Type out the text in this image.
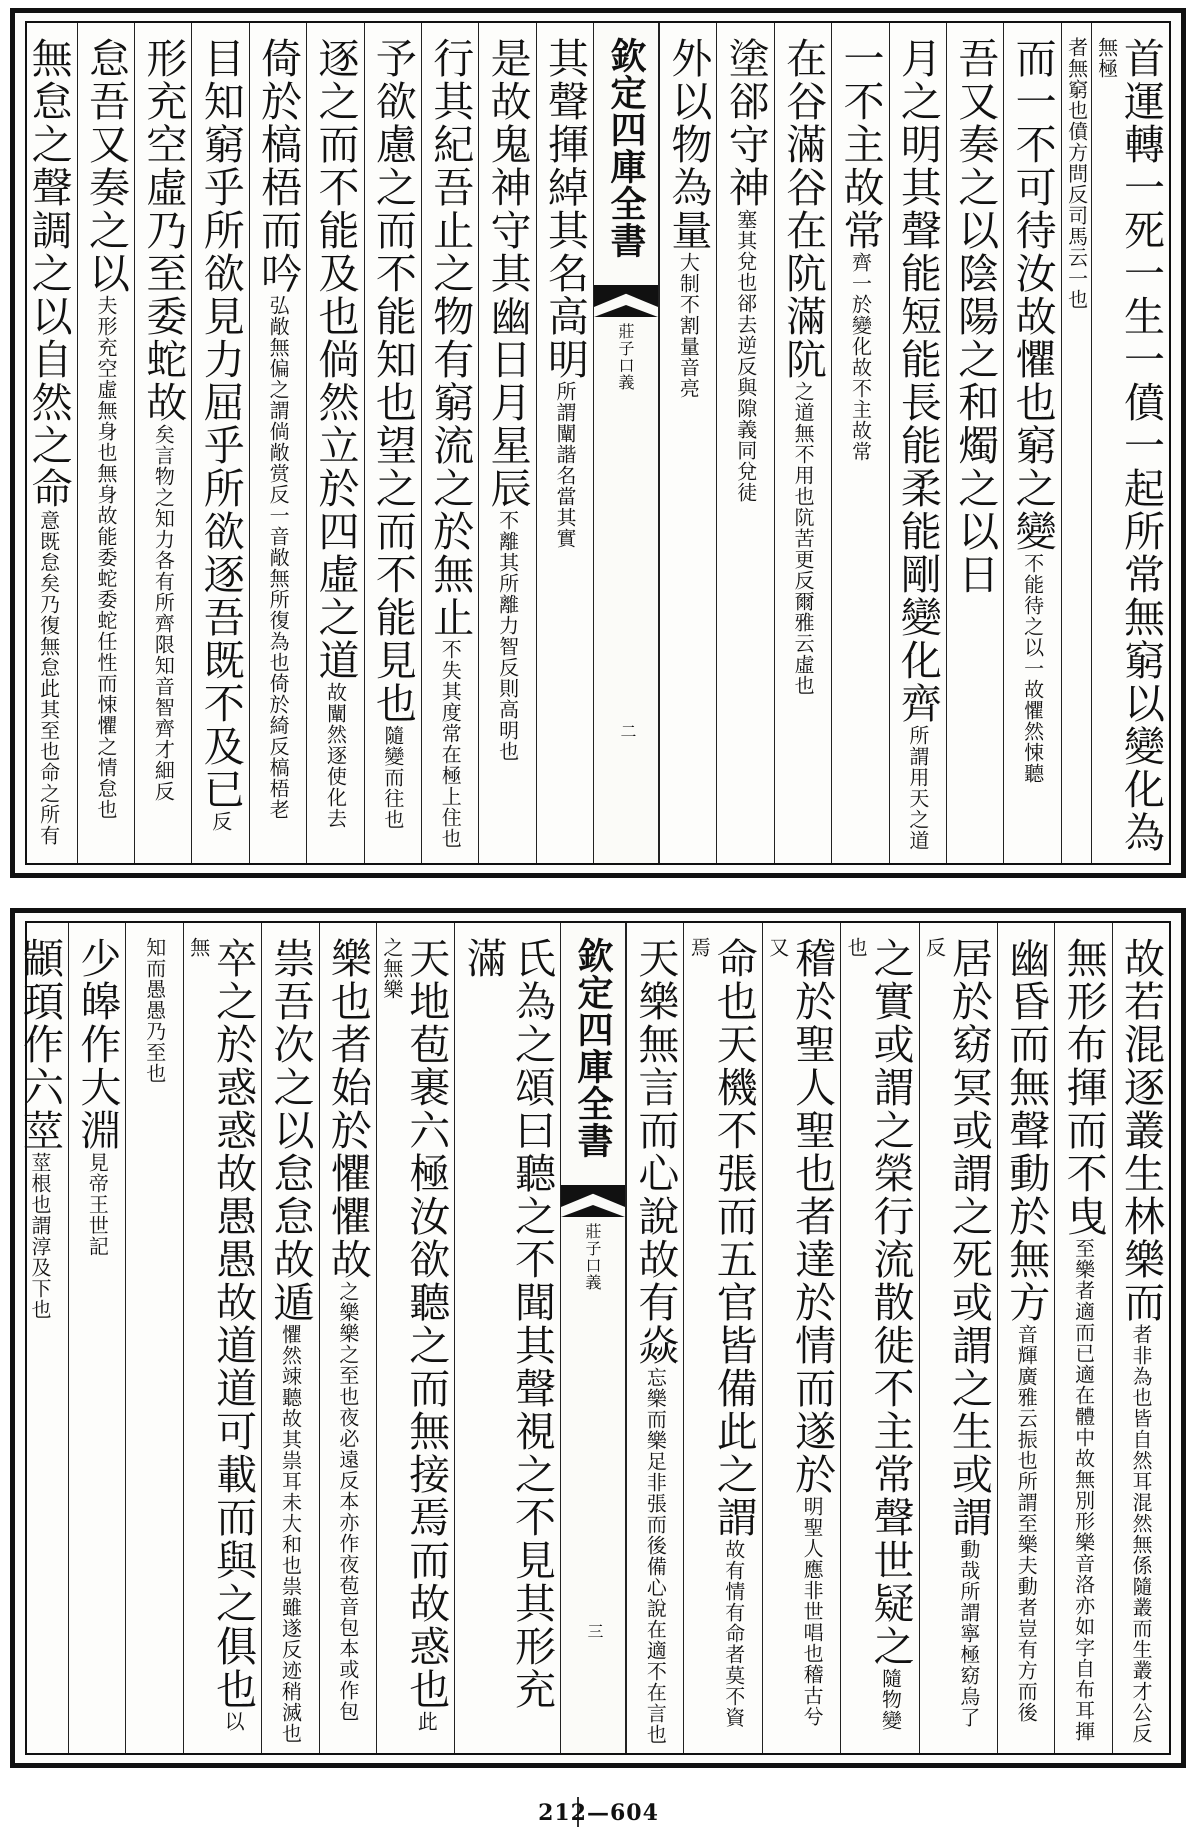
首運轉一死一生一僨一起所常無窮以變化為無極
者無窮也僨方問反司馬云一也
而一不可待汝故懼也窮之變不能待之以一故懼然悚聽
吾又奏之以陰陽之和燭之以日
月之明其聲能短能長能柔能剛變化齊所謂用天之道
一不主故常齊一於變化故不主故常
在谷滿谷在阬滿阬之道無不用也阬苦更反爾雅云虛也
塗郤守神塞其兌也郤去逆反與隙義同兌徒
外以物為量大制不割量音亮
欽定四庫全書
莊子口義
二
其聲揮綽其名高明所謂闡諧名當其實
是故鬼神守其幽日月星辰不離其所離力智反則高明也
行其紀吾止之物有窮流之於無止不失其度常在極上住也
予欲慮之而不能知也望之而不能見也隨變而往也
逐之而不能及也倘然立於四虛之道故闡然逐使化去
倚於槁梧而吟弘敞無偏之謂倘敞赏反一音敞無所復為也倚於綺反槁梧老
目知窮乎所欲見力屈乎所欲逐吾既不及已反
形充空虛乃至委蛇故矣言物之知力各有所齊限知音智齊才細反
怠吾又奏之以夫形充空虛無身也無身故能委蛇委蛇任性而悚懼之情怠也
無怠之聲調之以自然之命意既怠矣乃復無怠此其至也命之所有
故若混逐叢生林樂而者非為也皆自然耳混然無係隨叢而生叢才公反
無形布揮而不曳至樂者適而已適在體中故無別形樂音洛亦如字自布耳揮
幽昏而無聲動於無方音輝廣雅云振也所謂至樂夫動者豈有方而後
居於窈冥或謂之死或謂之生或謂動哉所謂寧極窈烏了反
之實或謂之榮行流散徙不主常聲世疑之隨物變也
稽於聖人聖也者達於情而遂於明聖人應非世唱也稽古兮又
命也天機不張而五官皆備此之謂故有情有命者莫不資焉
天樂無言而心說故有焱忘樂而樂足非張而後備心說在適不在言也
欽定四庫全書
莊子口義
三
氏為之頌曰聽之不聞其聲視之不見其形充滿
天地苞裹六極汝欲聽之而無接焉而故惑也此之無樂
樂也者始於懼懼故之樂樂之至也夜必遠反本亦作夜苞音包本或作包
祟吾次之以怠怠故遁懼然竦聽故其祟耳未大和也祟雖遂反迹稍滅也
卒之於惑惑故愚愚故道道可載而與之俱也以無
知而愚愚乃至也
少皞作大淵見帝王世記
顓頊作六莖莖根也謂淳及下也
212—604
